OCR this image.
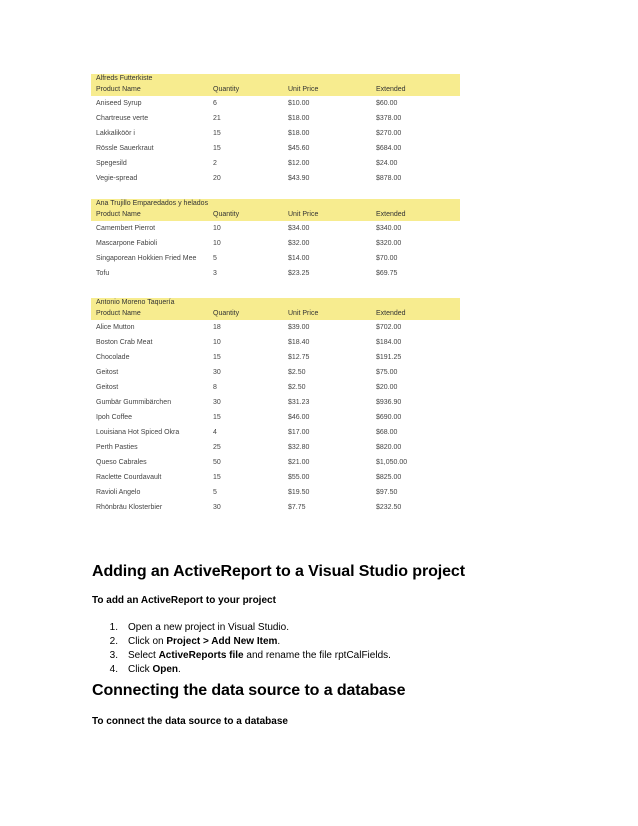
Alfreds Futterkiste
Product Name	Quantity	Unit Price	Extended
Aniseed Syrup	6	$10.00	$60.00
Chartreuse verte	21	$18.00	$378.00
Lakkaliköör i	15	$18.00	$270.00
Rössle Sauerkraut	15	$45.60	$684.00
Spegesild	2	$12.00	$24.00
Vegie-spread	20	$43.90	$878.00
Ana Trujillo Emparedados y helados
Product Name	Quantity	Unit Price	Extended
Camembert Pierrot	10	$34.00	$340.00
Mascarpone Fabioli	10	$32.00	$320.00
Singaporean Hokkien Fried Mee	5	$14.00	$70.00
Tofu	3	$23.25	$69.75
Antonio Moreno Taquería
Product Name	Quantity	Unit Price	Extended
Alice Mutton	18	$39.00	$702.00
Boston Crab Meat	10	$18.40	$184.00
Chocolade	15	$12.75	$191.25
Geitost	30	$2.50	$75.00
Geitost	8	$2.50	$20.00
Gumbär Gummibärchen	30	$31.23	$936.90
Ipoh Coffee	15	$46.00	$690.00
Louisiana Hot Spiced Okra	4	$17.00	$68.00
Perth Pasties	25	$32.80	$820.00
Queso Cabrales	50	$21.00	$1,050.00
Raclette Courdavault	15	$55.00	$825.00
Ravioli Angelo	5	$19.50	$97.50
Rhönbräu Klosterbier	30	$7.75	$232.50
Adding an ActiveReport to a Visual Studio project
To add an ActiveReport to your project
1.	Open a new project in Visual Studio.
2.	Click on Project > Add New Item.
3.	Select ActiveReports file and rename the file rptCalFields.
4.	Click Open.
Connecting the data source to a database
To connect the data source to a database
